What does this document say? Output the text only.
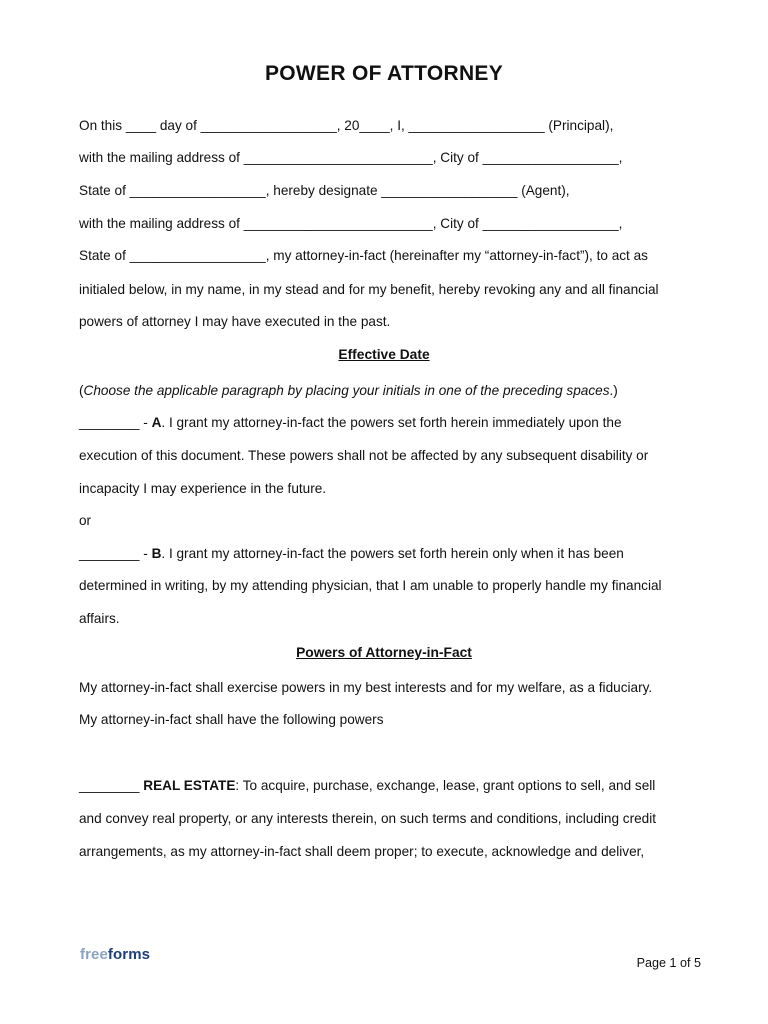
POWER OF ATTORNEY
On this ____ day of __________________, 20____, I, __________________ (Principal),
with the mailing address of _________________________, City of __________________,
State of __________________, hereby designate __________________ (Agent),
with the mailing address of _________________________, City of __________________,
State of __________________, my attorney-in-fact (hereinafter my “attorney-in-fact”), to act as
initialed below, in my name, in my stead and for my benefit, hereby revoking any and all financial
powers of attorney I may have executed in the past.
Effective Date
(Choose the applicable paragraph by placing your initials in one of the preceding spaces.)
________ - A. I grant my attorney-in-fact the powers set forth herein immediately upon the
execution of this document. These powers shall not be affected by any subsequent disability or
incapacity I may experience in the future.
or
________ - B. I grant my attorney-in-fact the powers set forth herein only when it has been
determined in writing, by my attending physician, that I am unable to properly handle my financial
affairs.
Powers of Attorney-in-Fact
My attorney-in-fact shall exercise powers in my best interests and for my welfare, as a fiduciary.
My attorney-in-fact shall have the following powers
________ REAL ESTATE: To acquire, purchase, exchange, lease, grant options to sell, and sell
and convey real property, or any interests therein, on such terms and conditions, including credit
arrangements, as my attorney-in-fact shall deem proper; to execute, acknowledge and deliver,
freeforms	Page 1 of 5
